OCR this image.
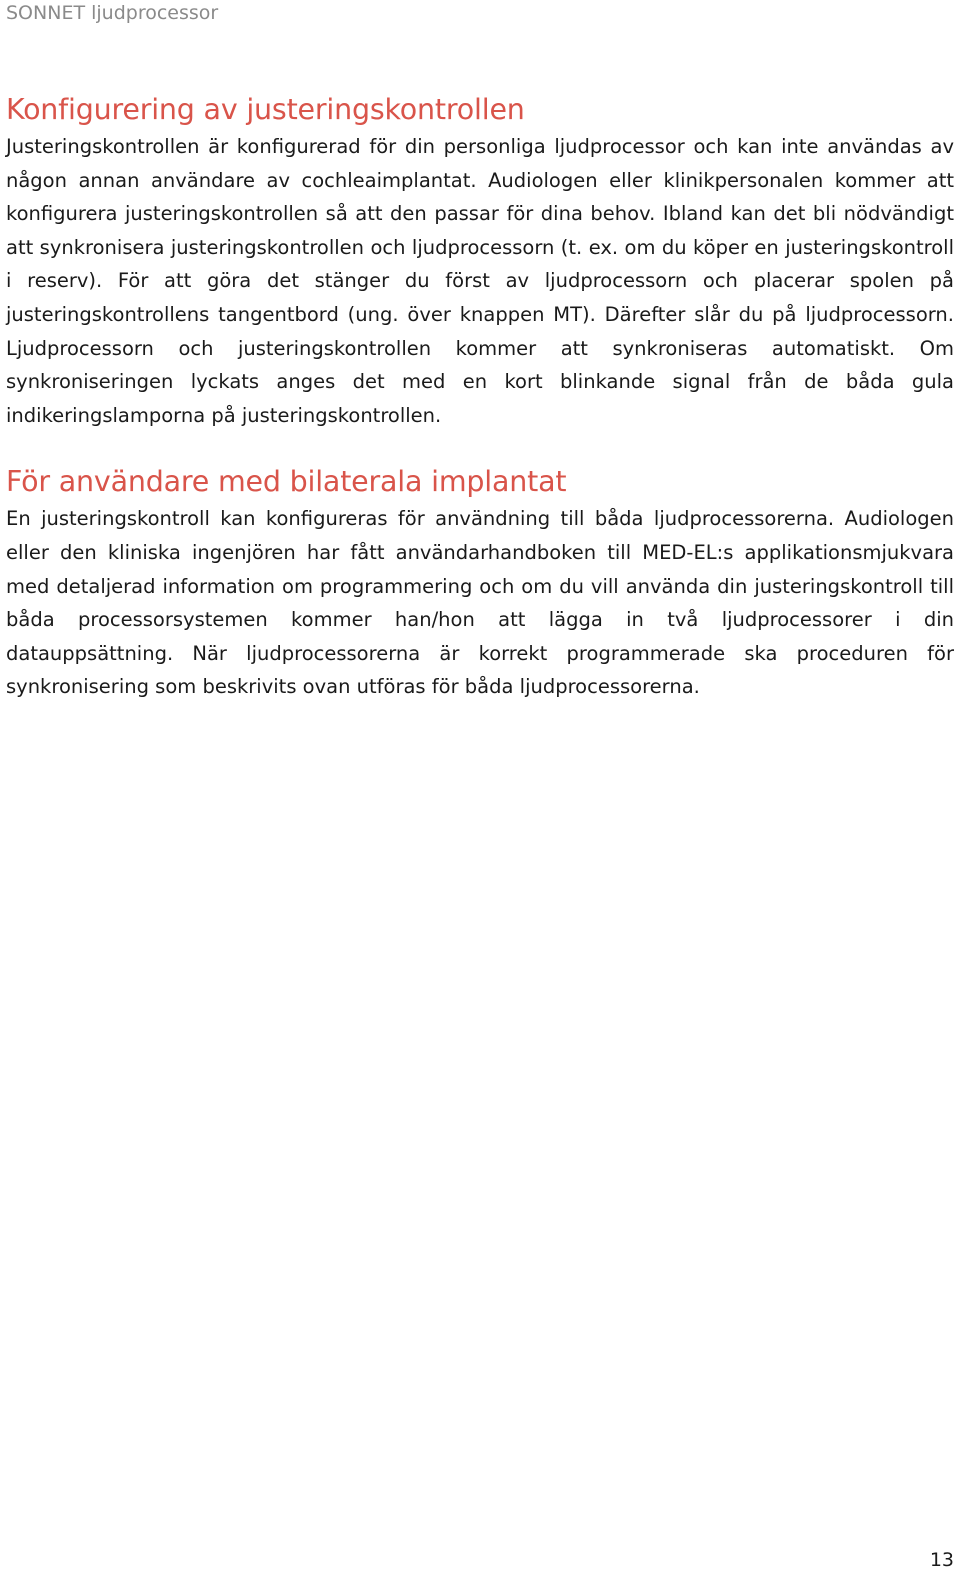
SONNET ljudprocessor
Konfigurering av justeringskontrollen

Justeringskontrollen är konfigurerad för din personliga ljudprocessor och kan inte användas av någon annan användare av cochleaimplantat. Audiologen eller klinikpersonalen kommer att konfigurera justeringskontrollen så att den passar för dina behov. Ibland kan det bli nödvändigt att synkronisera justeringskontrollen och ljudprocessorn (t. ex. om du köper en justeringskontroll i reserv). För att göra det stänger du först av ljudprocessorn och placerar spolen på justeringskontrollens tangentbord (ung. över knappen MT). Därefter slår du på ljudprocessorn. Ljudprocessorn och justeringskontrollen kommer att synkroniseras automatiskt. Om synkroniseringen lyckats anges det med en kort blinkande signal från de båda gula indikeringslamporna på justeringskontrollen.

För användare med bilaterala implantat

En justeringskontroll kan konfigureras för användning till båda ljudprocessorerna. Audiologen eller den kliniska ingenjören har fått användarhandboken till MED-EL:s applikationsmjukvara med detaljerad information om programmering och om du vill använda din justeringskontroll till båda processorsystemen kommer han/hon att lägga in två ljudprocessorer i din datauppsättning. När ljudprocessorerna är korrekt programmerade ska proceduren för synkronisering som beskrivits ovan utföras för båda ljudprocessorerna.

13
